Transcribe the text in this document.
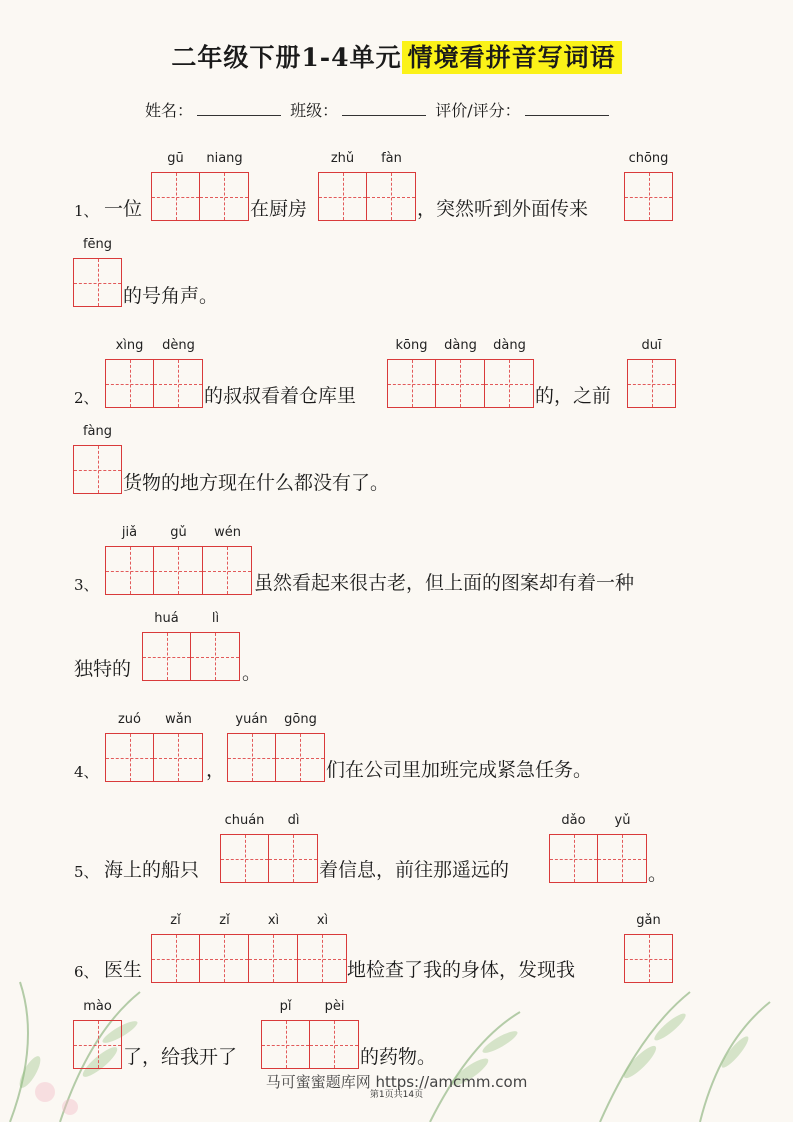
二年级下册1-4单元 情境看拼音写词语
姓名：	班级：	评价/评分：
1、 一位
gū	niang
在厨房
zhǔ	fàn
，突然听到外面传来
chōng
fēng
的号角声。
2、
xìng	dèng
的叔叔看着仓库里
kōng	dàng	dàng
的，之前
duī
fàng
货物的地方现在什么都没有了。
3、
jiǎ	gǔ	wén
虽然看起来很古老，但上面的图案却有着一种
独特的
huá	lì
。
4、
zuó	wǎn
，
yuán	gōng
们在公司里加班完成紧急任务。
5、 海上的船只
chuán	dì
着信息，前往那遥远的
dǎo	yǔ
。
6、 医生
zǐ	zǐ	xì	xì
地检查了我的身体，发现我
gǎn
mào
了，给我开了
pǐ	pèi
的药物。
马可蜜蜜题库网 https://amcmm.com
第1页共14页
